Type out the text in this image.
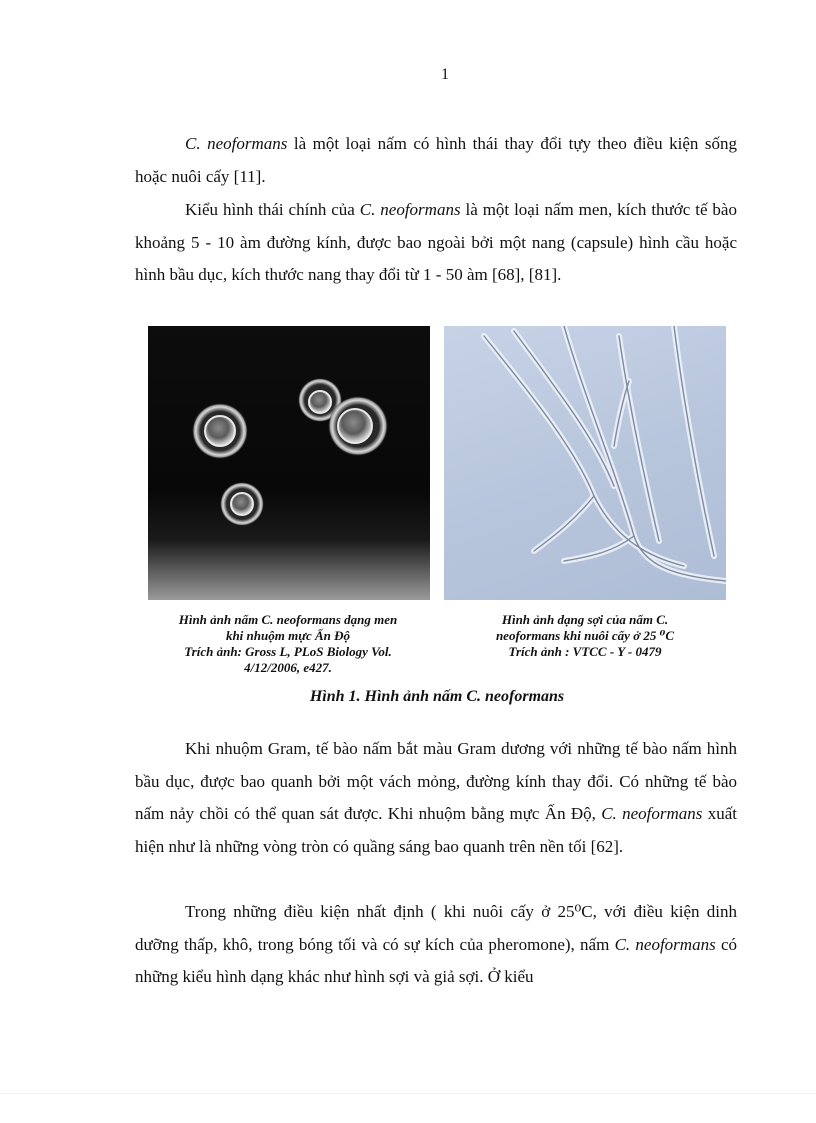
1

C. neoformans là một loại nấm có hình thái thay đổi tựy theo điều kiện sống hoặc nuôi cấy [11].

Kiểu hình thái chính của C. neoformans là một loại nấm men, kích thước tế bào khoảng 5 - 10 àm đường kính, được bao ngoài bởi một nang (capsule) hình cầu hoặc hình bầu dục, kích thước nang thay đổi từ 1 - 50 àm [68], [81].

Hình ảnh nấm C. neoformans dạng men
khi nhuộm mực Ấn Độ
Trích ảnh: Gross L, PLoS Biology Vol.
4/12/2006, e427.
Hình ảnh dạng sợi của nấm C.
neoformans khi nuôi cấy ở 25 ⁰C
Trích ảnh : VTCC - Y - 0479
Hình 1. Hình ảnh nấm C. neoformans

Khi nhuộm Gram, tế bào nấm bắt màu Gram dương với những tế bào nấm hình bầu dục, được bao quanh bởi một vách mỏng, đường kính thay đổi. Có những tế bào nấm nảy chồi có thể quan sát được. Khi nhuộm bằng mực Ấn Độ, C. neoformans xuất hiện như là những vòng tròn có quầng sáng bao quanh trên nền tối [62].

Trong những điều kiện nhất định ( khi nuôi cấy ở 25⁰C, với điều kiện dinh dưỡng thấp, khô, trong bóng tối và có sự kích của pheromone), nấm C. neoformans có những kiểu hình dạng khác như hình sợi và giả sợi. Ở kiểu
